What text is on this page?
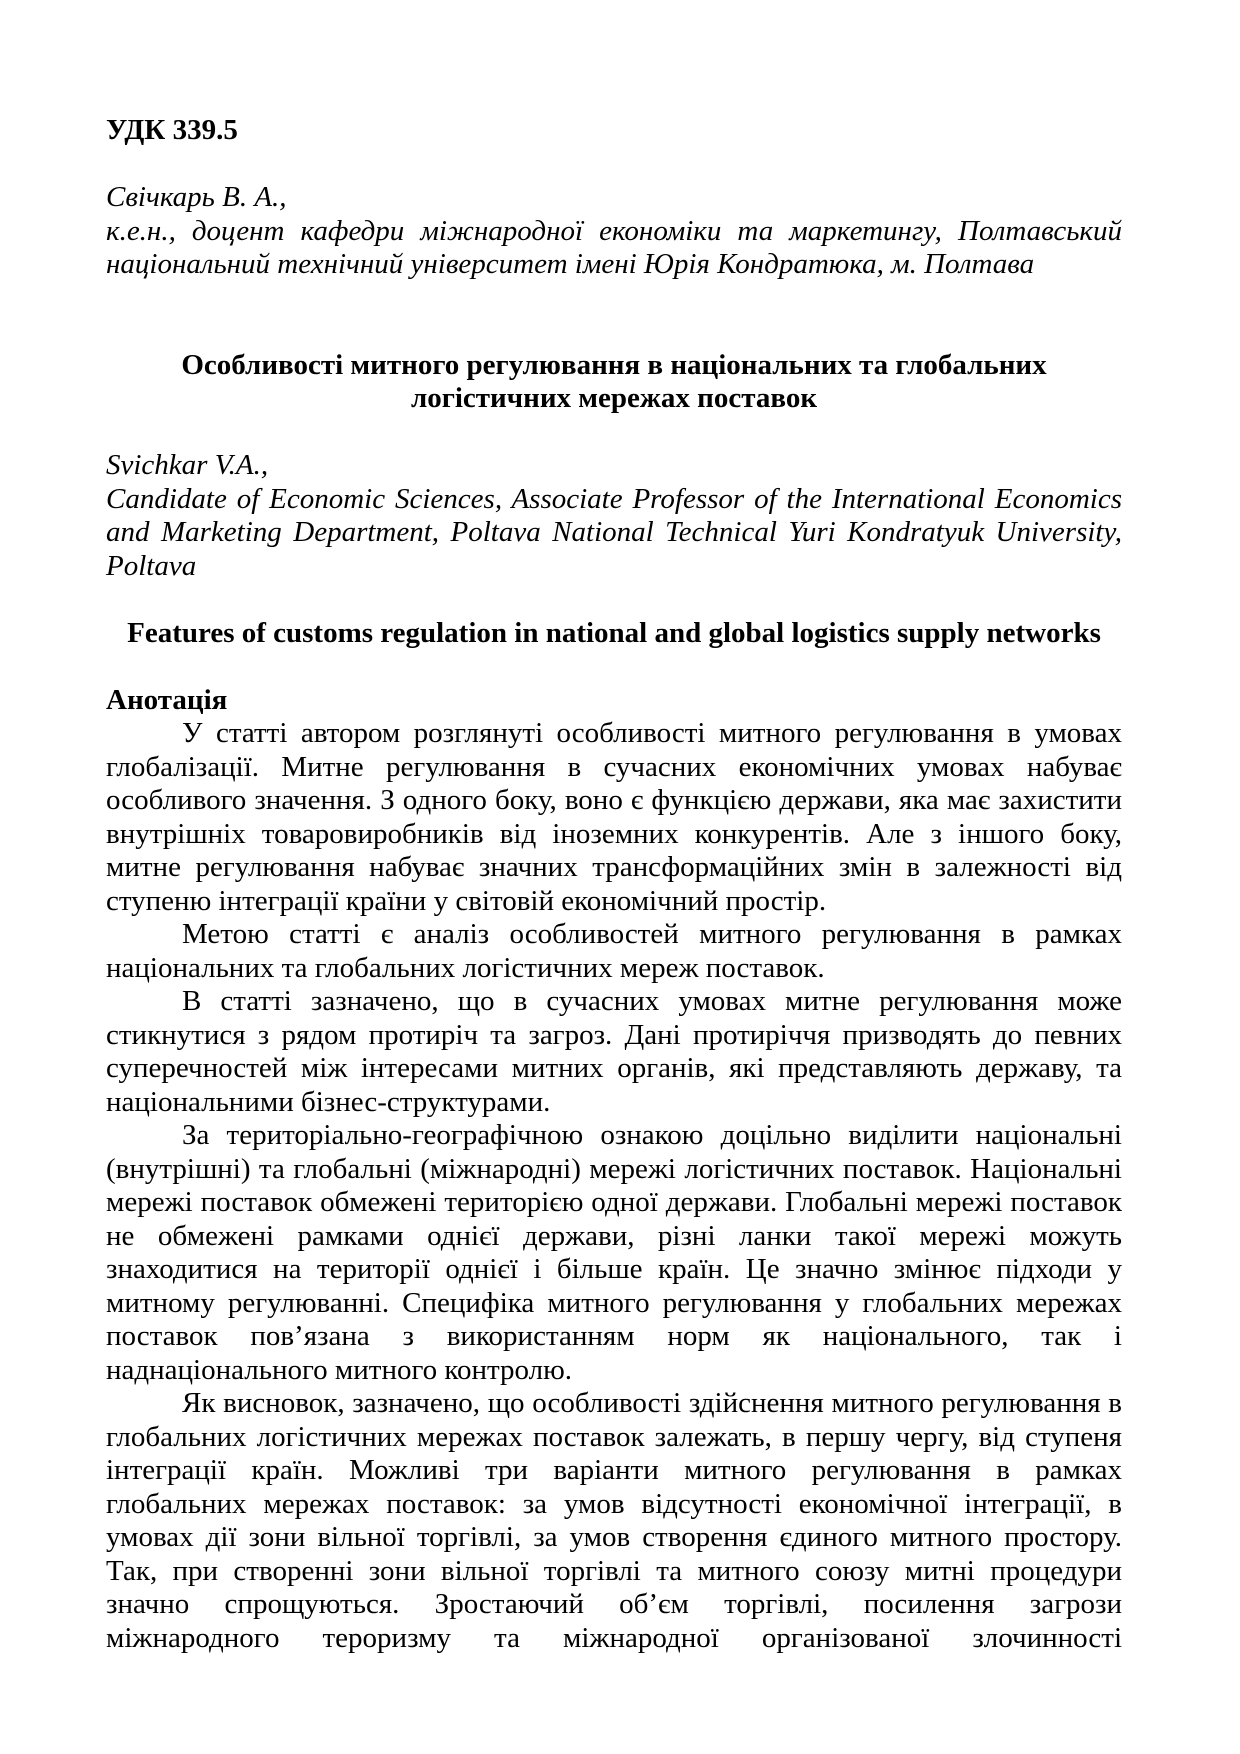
УДК 339.5

Свічкарь В. А.,

к.е.н., доцент кафедри міжнародної економіки та маркетингу, Полтавський національний технічний університет імені Юрія Кондратюка, м. Полтава

Особливості митного регулювання в національних та глобальних логістичних мережах поставок

Svichkar V.A.,

Candidate of Economic Sciences, Associate Professor of the International Economics and Marketing Department, Poltava National Technical Yuri Kondratyuk University, Poltava

Features of customs regulation in national and global logistics supply networks
Анотація

У статті автором розглянуті особливості митного регулювання в умовах глобалізації. Митне регулювання в сучасних економічних умовах набуває особливого значення. З одного боку, воно є функцією держави, яка має захистити внутрішніх товаровиробників від іноземних конкурентів. Але з іншого боку, митне регулювання набуває значних трансформаційних змін в залежності від ступеню інтеграції країни у світовій економічний простір.

Метою статті є аналіз особливостей митного регулювання в рамках національних та глобальних логістичних мереж поставок.

В статті зазначено, що в сучасних умовах митне регулювання може стикнутися з рядом протиріч та загроз. Дані протиріччя призводять до певних суперечностей між інтересами митних органів, які представляють державу, та національними бізнес-структурами.

За територіально-географічною ознакою доцільно виділити національні (внутрішні) та глобальні (міжнародні) мережі логістичних поставок. Національні мережі поставок обмежені територією одної держави. Глобальні мережі поставок не обмежені рамками однієї держави, різні ланки такої мережі можуть знаходитися на території однієї і більше країн. Це значно змінює підходи у митному регулюванні. Специфіка митного регулювання у глобальних мережах поставок пов’язана з використанням норм як національного, так і наднаціонального митного контролю.

Як висновок, зазначено, що особливості здійснення митного регулювання в глобальних логістичних мережах поставок залежать, в першу чергу, від ступеня інтеграції країн. Можливі три варіанти митного регулювання в рамках глобальних мережах поставок: за умов відсутності економічної інтеграції, в умовах дії зони вільної торгівлі, за умов створення єдиного митного простору. Так, при створенні зони вільної торгівлі та митного союзу митні процедури значно спрощуються. Зростаючий об’єм торгівлі, посилення загрози міжнародного тероризму та міжнародної організованої злочинності
